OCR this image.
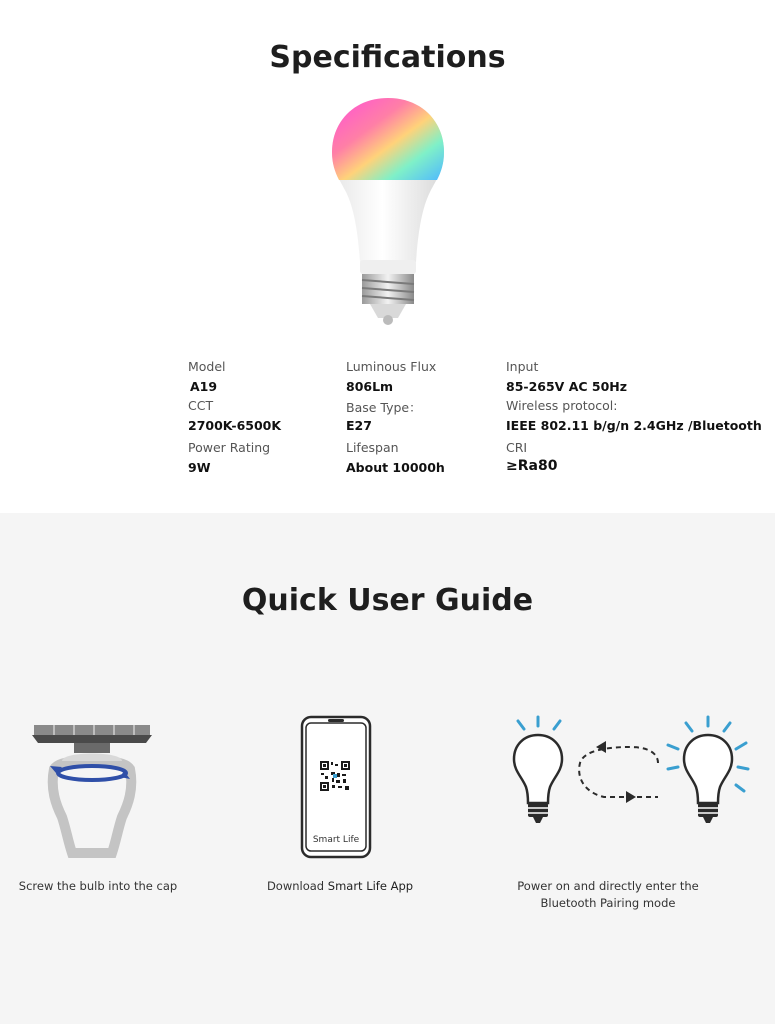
Specifications
Model
A19
Luminous Flux
806Lm
Input
85-265V AC 50Hz
CCT
2700K-6500K
Base Type：
E27
Wireless protocol:
IEEE 802.11 b/g/n 2.4GHz /Bluetooth
Power Rating
9W
Lifespan
About 10000h
CRI
≥Ra80
Quick User Guide
Screw the bulb into the cap
Smart Life
Download Smart Life App	Power on and directly enter the
Bluetooth Pairing mode
